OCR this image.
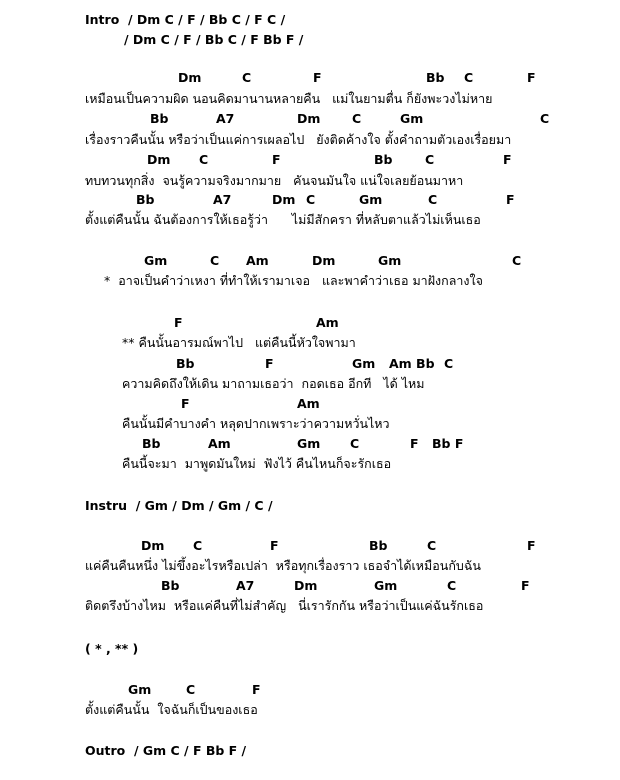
Intro  / Dm C / F / Bb C / F C /
/ Dm C / F / Bb C / F Bb F /
Dm	C	F	Bb C	F
เหมือนเป็นความผิด นอนคิดมานานหลายคืน   แม่ในยามตื่น ก็ยังพะวงไม่หาย
Bb	A7	Dm	C	Gm	C
เรื่องราวคืนนั้น หรือว่าเป็นแค่การเผลอไป   ยังติดค้างใจ ตั้งคำถามตัวเองเรื่อยมา
Dm C	F	Bb	C	F
ทบทวนทุกสิ่ง  จนรู้ความจริงมากมาย   คันจนมันใจ แน่ใจเลยย้อนมาหา
Bb	A7	Dm C	Gm	C	F
ตั้งแต่คืนนั้น ฉันต้องการให้เธอรู้ว่า      ไม่มีสักครา ที่หลับตาแล้วไม่เห็นเธอ
Gm	C Am	Dm	Gm	C
*  อาจเป็นคำว่าเหงา ที่ทำให้เรามาเจอ   และพาคำว่าเธอ มาฝังกลางใจ
F	Am
** คืนนั้นอารมณ์พาไป   แต่คืนนี้หัวใจพามา
Bb	F	Gm Am Bb C
ความคิดถึงให้เดิน มาถามเธอว่า  กอดเธอ อีกที   ได้ ไหม
F	Am
คืนนั้นมีคำบางคำ หลุดปากเพราะว่าความหวั่นไหว
Bb	Am	Gm C	F Bb F
คืนนี้จะมา  มาพูดมันใหม่  ฟังไว้ คืนไหนก็จะรักเธอ
Instru  / Gm / Dm / Gm / C /
Dm C	F	Bb	C	F
แค่คืนคืนหนึ่ง ไม่ขึ้งอะไรหรือเปล่า  หรือทุกเรื่องราว เธอจำได้เหมือนกับฉัน
Bb	A7	Dm	Gm	C	F
ติดตรึงบ้างไหม  หรือแค่คืนที่ไม่สำคัญ   นี่เรารักกัน หรือว่าเป็นแค่ฉันรักเธอ
( * , ** )
Gm	C	F
ตั้งแต่คืนนั้น  ใจฉันก็เป็นของเธอ
Outro  / Gm C / F Bb F /
